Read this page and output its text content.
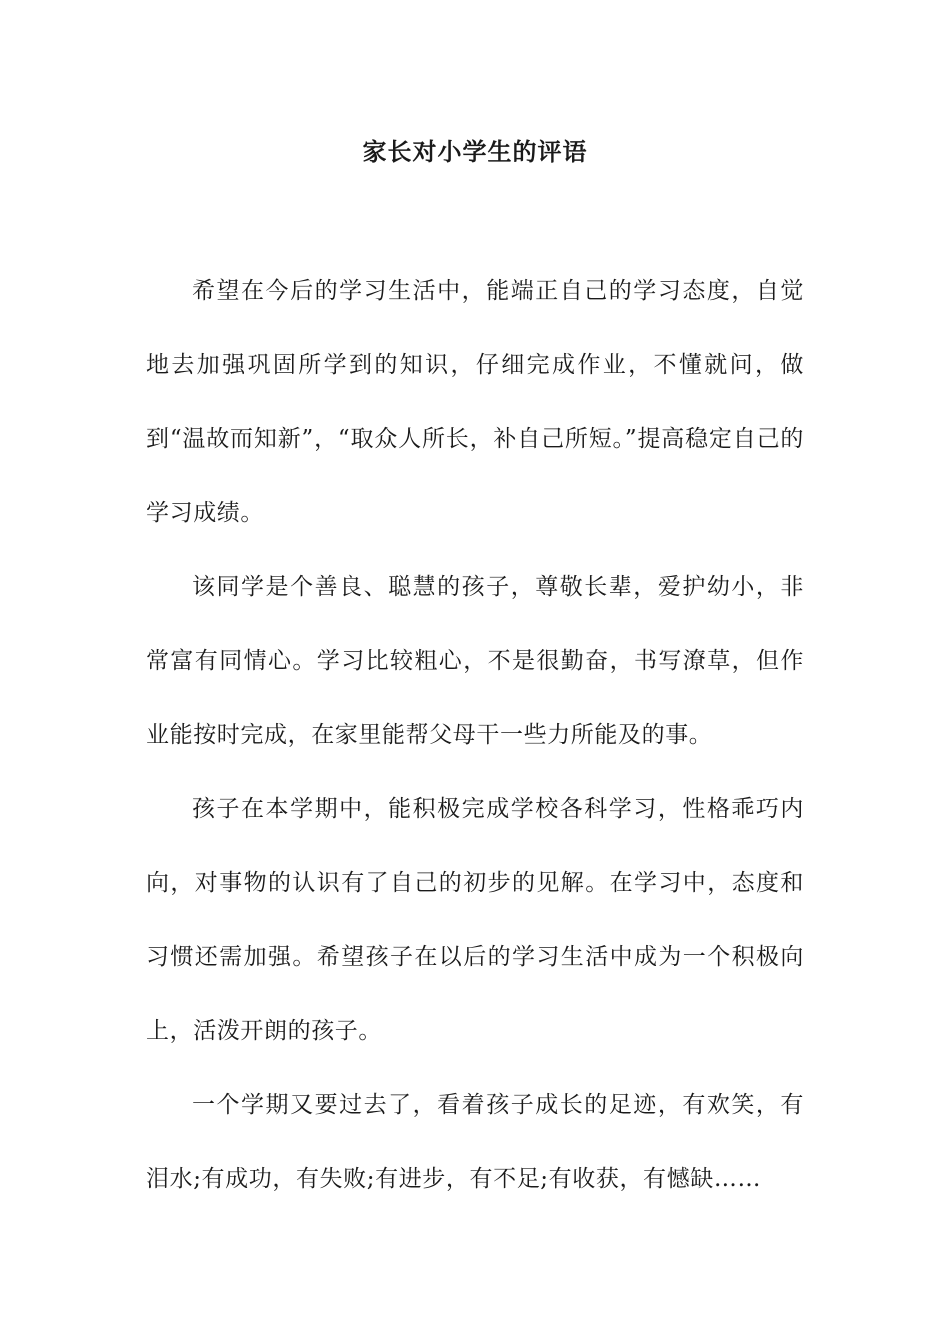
家长对小学生的评语

希望在今后的学习生活中，能端正自己的学习态度，自觉地去加强巩固所学到的知识，仔细完成作业，不懂就问，做到“温故而知新”，“取众人所长，补自己所短。”提高稳定自己的学习成绩。

该同学是个善良、聪慧的孩子，尊敬长辈，爱护幼小，非常富有同情心。学习比较粗心，不是很勤奋，书写潦草，但作业能按时完成，在家里能帮父母干一些力所能及的事。

孩子在本学期中，能积极完成学校各科学习，性格乖巧内向，对事物的认识有了自己的初步的见解。在学习中，态度和习惯还需加强。希望孩子在以后的学习生活中成为一个积极向上，活泼开朗的孩子。

一个学期又要过去了，看着孩子成长的足迹，有欢笑，有泪水;有成功，有失败;有进步，有不足;有收获，有憾缺……
